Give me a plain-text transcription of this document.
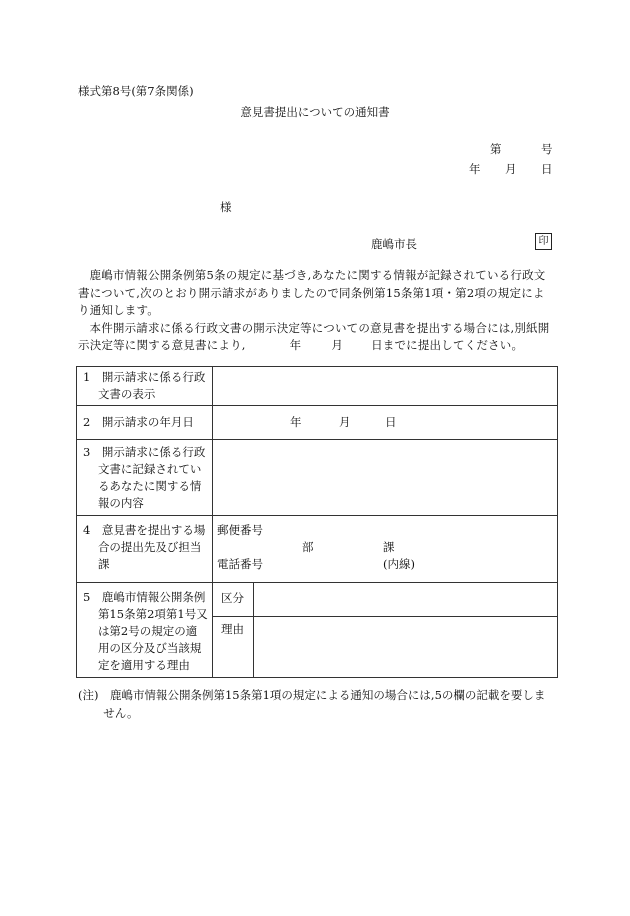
様式第8号(第7条関係)
意見書提出についての通知書
第	号
年 月 日
様
鹿嶋市長	印

鹿嶋市情報公開条例第5条の規定に基づき,あなたに関する情報が記録されている行政文書について,次のとおり開示請求がありましたので同条例第15条第1項・第2項の規定により通知します。

本件開示請求に係る行政文書の開示決定等についての意見書を提出する場合には,別紙開示決定等に関する意見書により,	年	月 日までに提出してください。

1　開示請求に係る行政文書の表示		

2　開示請求の年月日	年 月 日	

3　開示請求に係る行政文書に記録されているあなたに関する情報の内容		

4　意見書を提出する場合の提出先及び担当課	郵便番号
部 課
電話番号 (内線)	

5　鹿嶋市情報公開条例第15条第2項第1号又は第2号の規定の適用の区分及び当該規定を適用する理由	区分	
	理由	
(注)　鹿嶋市情報公開条例第15条第1項の規定による通知の場合には,5の欄の記載を要しません。
